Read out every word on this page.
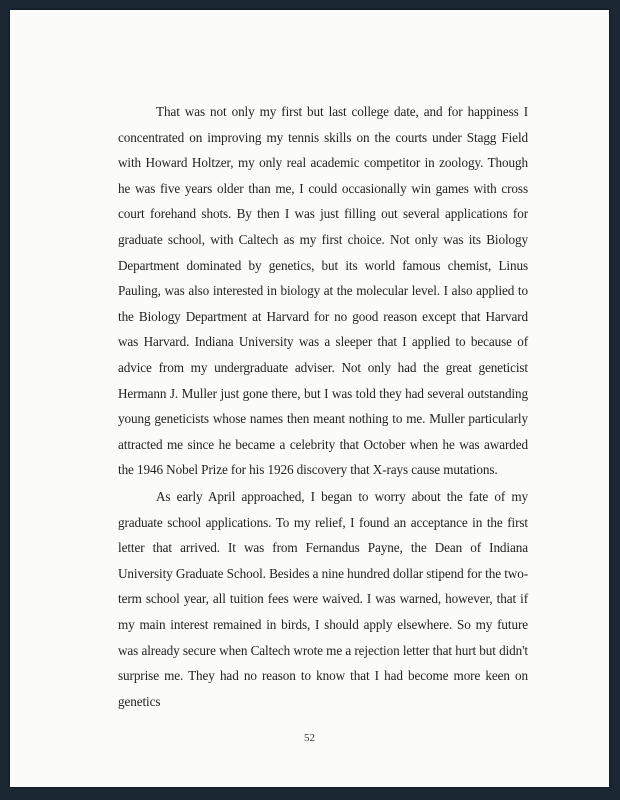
That was not only my first but last college date, and for happiness I concentrated on improving my tennis skills on the courts under Stagg Field with Howard Holtzer, my only real academic competitor in zoology. Though he was five years older than me, I could occasionally win games with cross court forehand shots. By then I was just filling out several applications for graduate school, with Caltech as my first choice. Not only was its Biology Department dominated by genetics, but its world famous chemist, Linus Pauling, was also interested in biology at the molecular level. I also applied to the Biology Department at Harvard for no good reason except that Harvard was Harvard. Indiana University was a sleeper that I applied to because of advice from my undergraduate adviser. Not only had the great geneticist Hermann J. Muller just gone there, but I was told they had several outstanding young geneticists whose names then meant nothing to me. Muller particularly attracted me since he became a celebrity that October when he was awarded the 1946 Nobel Prize for his 1926 discovery that X-rays cause mutations.

As early April approached, I began to worry about the fate of my graduate school applications. To my relief, I found an acceptance in the first letter that arrived. It was from Fernandus Payne, the Dean of Indiana University Graduate School. Besides a nine hundred dollar stipend for the two-term school year, all tuition fees were waived. I was warned, however, that if my main interest remained in birds, I should apply elsewhere. So my future was already secure when Caltech wrote me a rejection letter that hurt but didn't surprise me. They had no reason to know that I had become more keen on genetics

52
